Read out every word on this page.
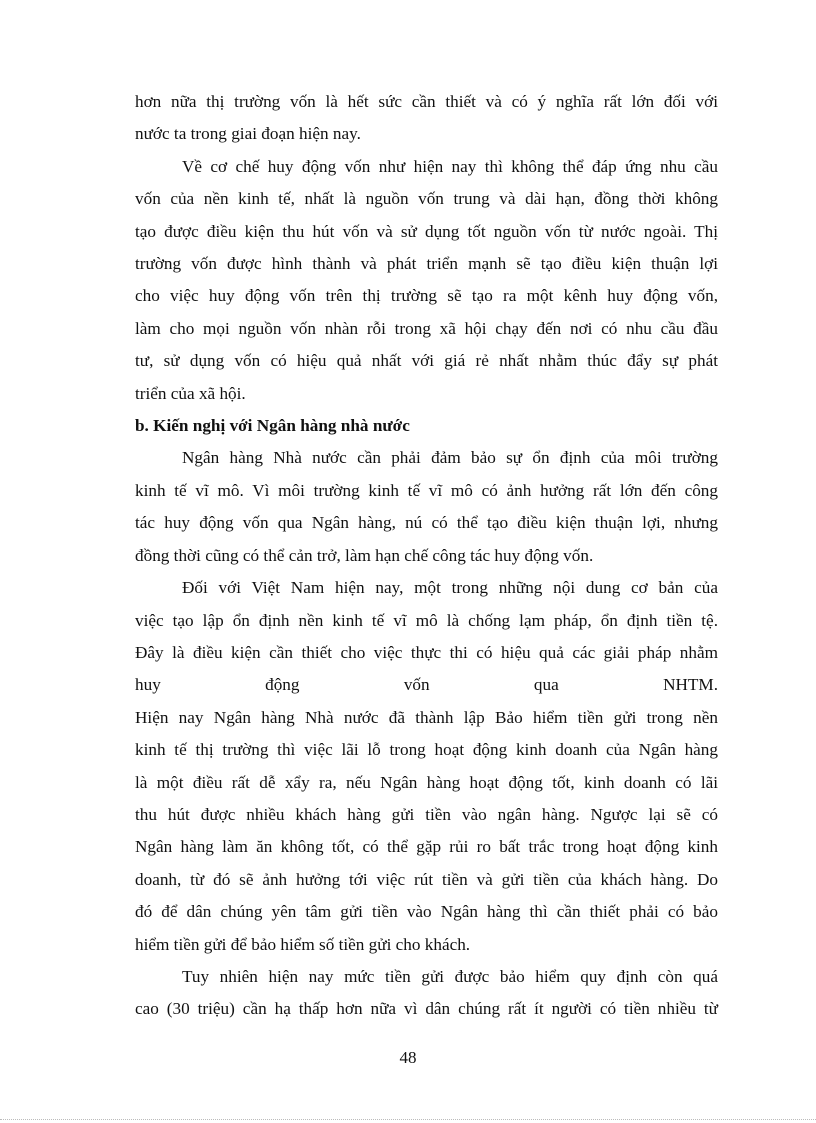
hơn nữa thị trường vốn là hết sức cần thiết và có ý nghĩa rất lớn đối với
nước ta trong giai đoạn hiện nay.

Về cơ chế huy động vốn như hiện nay thì không thể đáp ứng nhu cầu
vốn của nền kinh tế, nhất là nguồn vốn trung và dài hạn, đồng thời không
tạo được điều kiện thu hút vốn và sử dụng tốt nguồn vốn từ nước ngoài. Thị
trường vốn được hình thành và phát triển mạnh sẽ tạo điều kiện thuận lợi
cho việc huy động vốn trên thị trường sẽ tạo ra một kênh huy động vốn,
làm cho mọi nguồn vốn nhàn rỗi trong xã hội chạy đến nơi có nhu cầu đầu
tư, sử dụng vốn có hiệu quả nhất với giá rẻ nhất nhằm thúc đẩy sự phát
triển của xã hội.

b. Kiến nghị với Ngân hàng nhà nước

Ngân hàng Nhà nước cần phải đảm bảo sự ổn định của môi trường
kinh tế vĩ mô. Vì môi trường kinh tế vĩ mô có ảnh hưởng rất lớn đến công
tác huy động vốn qua Ngân hàng, nú có thể tạo điều kiện thuận lợi, nhưng
đồng thời cũng có thể cản trở, làm hạn chế công tác huy động vốn.

Đối với Việt Nam hiện nay, một trong những nội dung cơ bản của
việc tạo lập ổn định nền kinh tế vĩ mô là chống lạm pháp, ổn định tiền tệ.
Đây là điều kiện cần thiết cho việc thực thi có hiệu quả các giải pháp nhằm
huy động vốn qua NHTM.

Hiện nay Ngân hàng Nhà nước đã thành lập Bảo hiểm tiền gửi trong nền
kinh tế thị trường thì việc lãi lỗ trong hoạt động kinh doanh của Ngân hàng
là một điều rất dễ xẩy ra, nếu Ngân hàng hoạt động tốt, kinh doanh có lãi
thu hút được nhiều khách hàng gửi tiền vào ngân hàng. Ngược lại sẽ có
Ngân hàng làm ăn không tốt, có thể gặp rủi ro bất trắc trong hoạt động kinh
doanh, từ đó sẽ ảnh hưởng tới việc rút tiền và gửi tiền của khách hàng. Do
đó để dân chúng yên tâm gửi tiền vào Ngân hàng thì cần thiết phải có bảo
hiểm tiền gửi để bảo hiểm số tiền gửi cho khách.

Tuy nhiên hiện nay mức tiền gửi được bảo hiểm quy định còn quá
cao (30 triệu) cần hạ thấp hơn nữa vì dân chúng rất ít người có tiền nhiều từ

48
